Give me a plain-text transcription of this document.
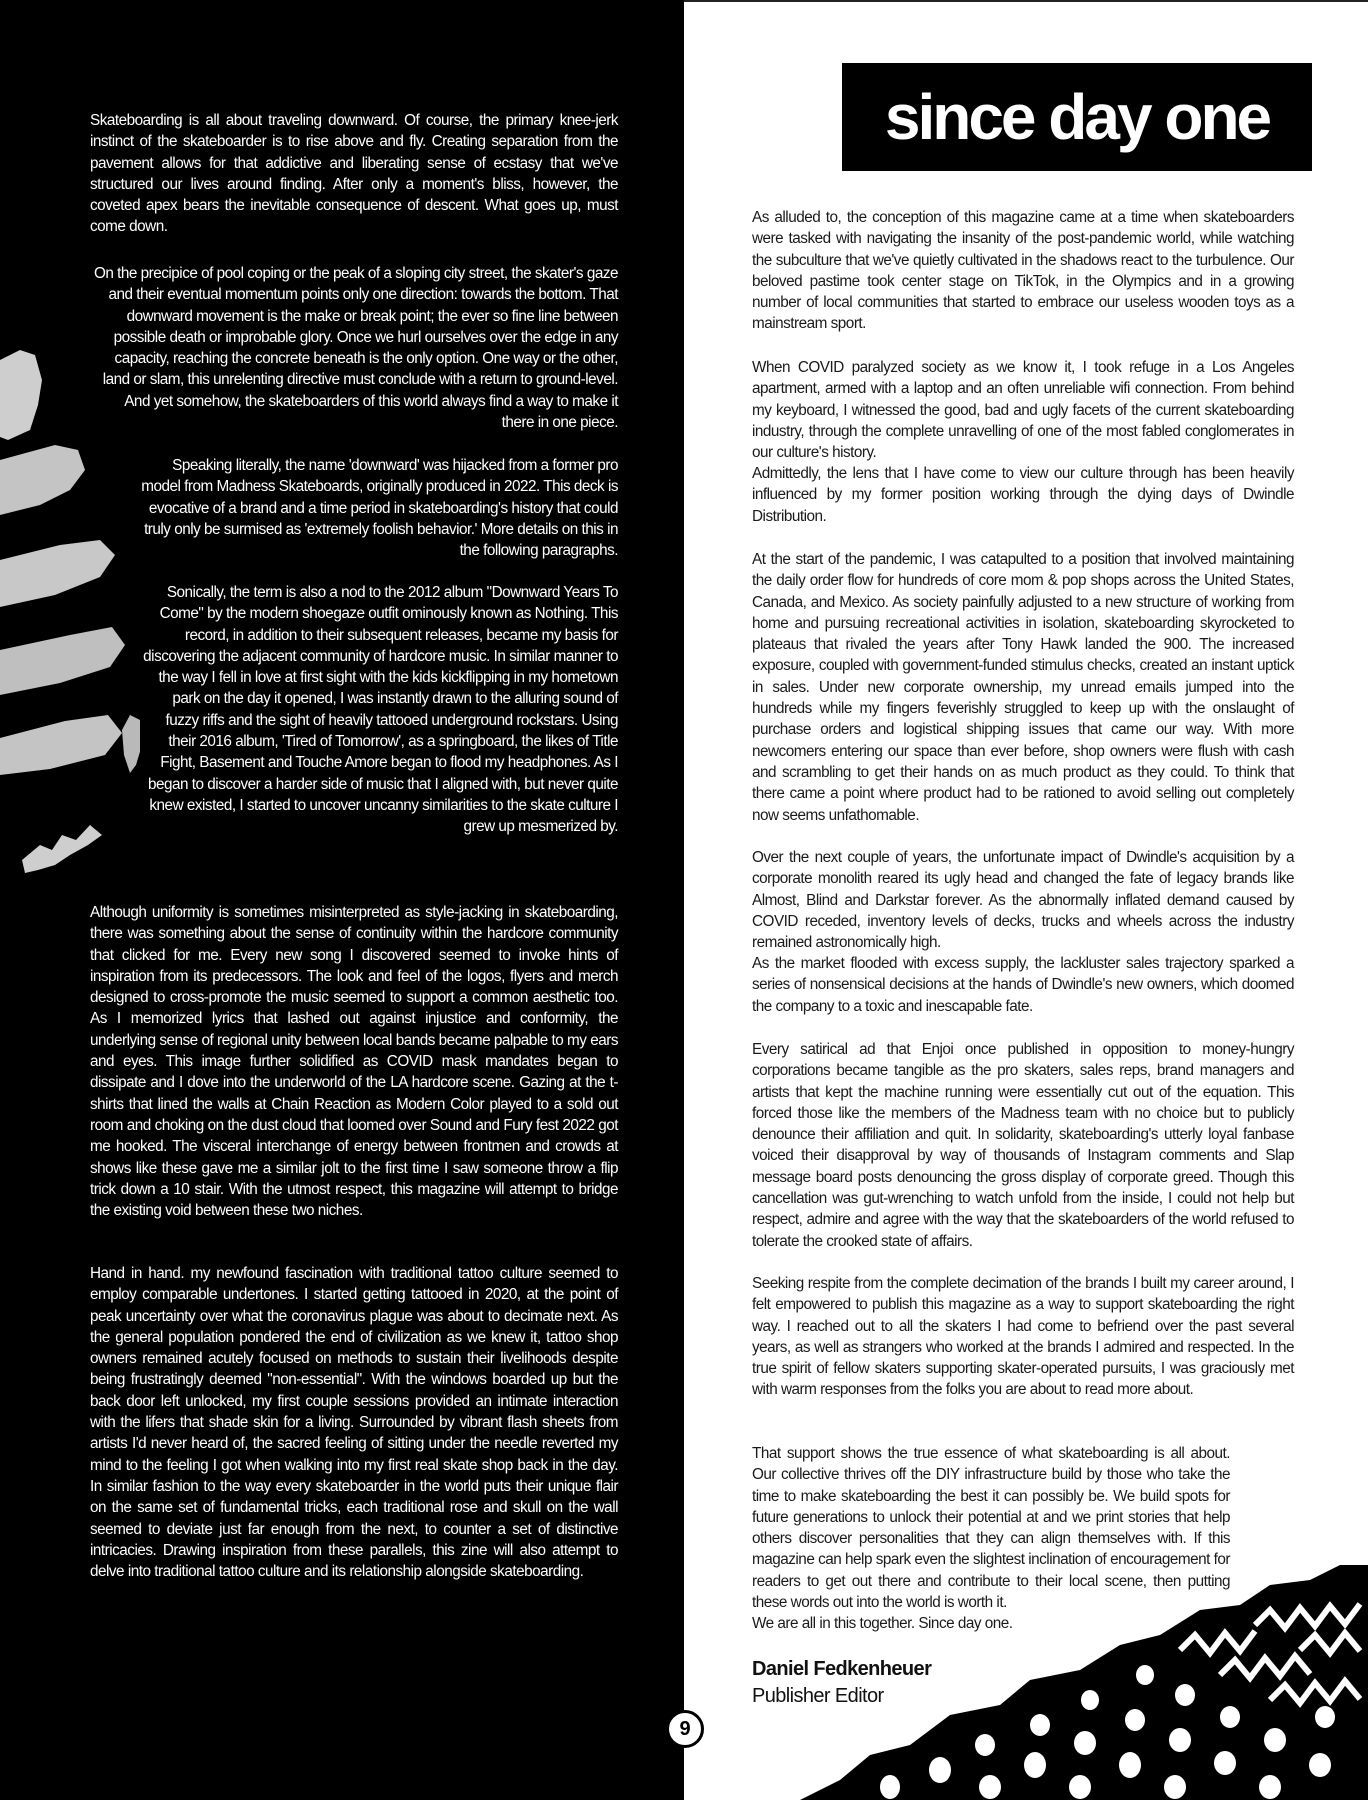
Skateboarding is all about traveling downward. Of course, the primary knee-jerk instinct of the skateboarder is to rise above and fly. Creating separation from the pavement allows for that addictive and liberating sense of ecstasy that we've structured our lives around finding. After only a moment's bliss, however, the coveted apex bears the inevitable consequence of descent. What goes up, must come down.

On the precipice of pool coping or the peak of a sloping city street, the skater's gaze and their eventual momentum points only one direction: towards the bottom. That downward movement is the make or break point; the ever so fine line between possible death or improbable glory. Once we hurl ourselves over the edge in any capacity, reaching the concrete beneath is the only option. One way or the other, land or slam, this unrelenting directive must conclude with a return to ground-level. And yet somehow, the skateboarders of this world always find a way to make it there in one piece.

Speaking literally, the name 'downward' was hijacked from a former pro model from Madness Skateboards, originally produced in 2022. This deck is evocative of a brand and a time period in skateboarding's history that could truly only be surmised as 'extremely foolish behavior.' More details on this in the following paragraphs.

Sonically, the term is also a nod to the 2012 album "Downward Years To Come" by the modern shoegaze outfit ominously known as Nothing. This record, in addition to their subsequent releases, became my basis for discovering the adjacent community of hardcore music. In similar manner to the way I fell in love at first sight with the kids kickflipping in my hometown park on the day it opened, I was instantly drawn to the alluring sound of fuzzy riffs and the sight of heavily tattooed underground rockstars. Using their 2016 album, 'Tired of Tomorrow', as a springboard, the likes of Title Fight, Basement and Touche Amore began to flood my headphones. As I began to discover a harder side of music that I aligned with, but never quite knew existed, I started to uncover uncanny similarities to the skate culture I grew up mesmerized by.

Although uniformity is sometimes misinterpreted as style-jacking in skateboarding, there was something about the sense of continuity within the hardcore community that clicked for me. Every new song I discovered seemed to invoke hints of inspiration from its predecessors. The look and feel of the logos, flyers and merch designed to cross-promote the music seemed to support a common aesthetic too. As I memorized lyrics that lashed out against injustice and conformity, the underlying sense of regional unity between local bands became palpable to my ears and eyes. This image further solidified as COVID mask mandates began to dissipate and I dove into the underworld of the LA hardcore scene. Gazing at the t-shirts that lined the walls at Chain Reaction as Modern Color played to a sold out room and choking on the dust cloud that loomed over Sound and Fury fest 2022 got me hooked. The visceral interchange of energy between frontmen and crowds at shows like these gave me a similar jolt to the first time I saw someone throw a flip trick down a 10 stair. With the utmost respect, this magazine will attempt to bridge the existing void between these two niches.

Hand in hand. my newfound fascination with traditional tattoo culture seemed to employ comparable undertones. I started getting tattooed in 2020, at the point of peak uncertainty over what the coronavirus plague was about to decimate next. As the general population pondered the end of civilization as we knew it, tattoo shop owners remained acutely focused on methods to sustain their livelihoods despite being frustratingly deemed "non-essential". With the windows boarded up but the back door left unlocked, my first couple sessions provided an intimate interaction with the lifers that shade skin for a living. Surrounded by vibrant flash sheets from artists I'd never heard of, the sacred feeling of sitting under the needle reverted my mind to the feeling I got when walking into my first real skate shop back in the day. In similar fashion to the way every skateboarder in the world puts their unique flair on the same set of fundamental tricks, each traditional rose and skull on the wall seemed to deviate just far enough from the next, to counter a set of distinctive intricacies. Drawing inspiration from these parallels, this zine will also attempt to delve into traditional tattoo culture and its relationship alongside skateboarding.

since day one

As alluded to, the conception of this magazine came at a time when skateboarders were tasked with navigating the insanity of the post-pandemic world, while watching the subculture that we've quietly cultivated in the shadows react to the turbulence. Our beloved pastime took center stage on TikTok, in the Olympics and in a growing number of local communities that started to embrace our useless wooden toys as a mainstream sport.

When COVID paralyzed society as we know it, I took refuge in a Los Angeles apartment, armed with a laptop and an often unreliable wifi connection. From behind my keyboard, I witnessed the good, bad and ugly facets of the current skateboarding industry, through the complete unravelling of one of the most fabled conglomerates in our culture's history.

Admittedly, the lens that I have come to view our culture through has been heavily influenced by my former position working through the dying days of Dwindle Distribution.

At the start of the pandemic, I was catapulted to a position that involved maintaining the daily order flow for hundreds of core mom & pop shops across the United States, Canada, and Mexico. As society painfully adjusted to a new structure of working from home and pursuing recreational activities in isolation, skateboarding skyrocketed to plateaus that rivaled the years after Tony Hawk landed the 900. The increased exposure, coupled with government-funded stimulus checks, created an instant uptick in sales. Under new corporate ownership, my unread emails jumped into the hundreds while my fingers feverishly struggled to keep up with the onslaught of purchase orders and logistical shipping issues that came our way. With more newcomers entering our space than ever before, shop owners were flush with cash and scrambling to get their hands on as much product as they could. To think that there came a point where product had to be rationed to avoid selling out completely now seems unfathomable.

Over the next couple of years, the unfortunate impact of Dwindle's acquisition by a corporate monolith reared its ugly head and changed the fate of legacy brands like Almost, Blind and Darkstar forever. As the abnormally inflated demand caused by COVID receded, inventory levels of decks, trucks and wheels across the industry remained astronomically high.

As the market flooded with excess supply, the lackluster sales trajectory sparked a series of nonsensical decisions at the hands of Dwindle's new owners, which doomed the company to a toxic and inescapable fate.

Every satirical ad that Enjoi once published in opposition to money-hungry corporations became tangible as the pro skaters, sales reps, brand managers and artists that kept the machine running were essentially cut out of the equation. This forced those like the members of the Madness team with no choice but to publicly denounce their affiliation and quit. In solidarity, skateboarding's utterly loyal fanbase voiced their disapproval by way of thousands of Instagram comments and Slap message board posts denouncing the gross display of corporate greed. Though this cancellation was gut-wrenching to watch unfold from the inside, I could not help but respect, admire and agree with the way that the skateboarders of the world refused to tolerate the crooked state of affairs.

Seeking respite from the complete decimation of the brands I built my career around, I felt empowered to publish this magazine as a way to support skateboarding the right way. I reached out to all the skaters I had come to befriend over the past several years, as well as strangers who worked at the brands I admired and respected. In the true spirit of fellow skaters supporting skater-operated pursuits, I was graciously met with warm responses from the folks you are about to read more about.

That support shows the true essence of what skateboarding is all about. Our collective thrives off the DIY infrastructure build by those who take the time to make skateboarding the best it can possibly be. We build spots for future generations to unlock their potential at and we print stories that help others discover personalities that they can align themselves with. If this magazine can help spark even the slightest inclination of encouragement for readers to get out there and contribute to their local scene, then putting these words out into the world is worth it.

We are all in this together. Since day one.

Daniel Fedkenheuer
Publisher Editor
9
